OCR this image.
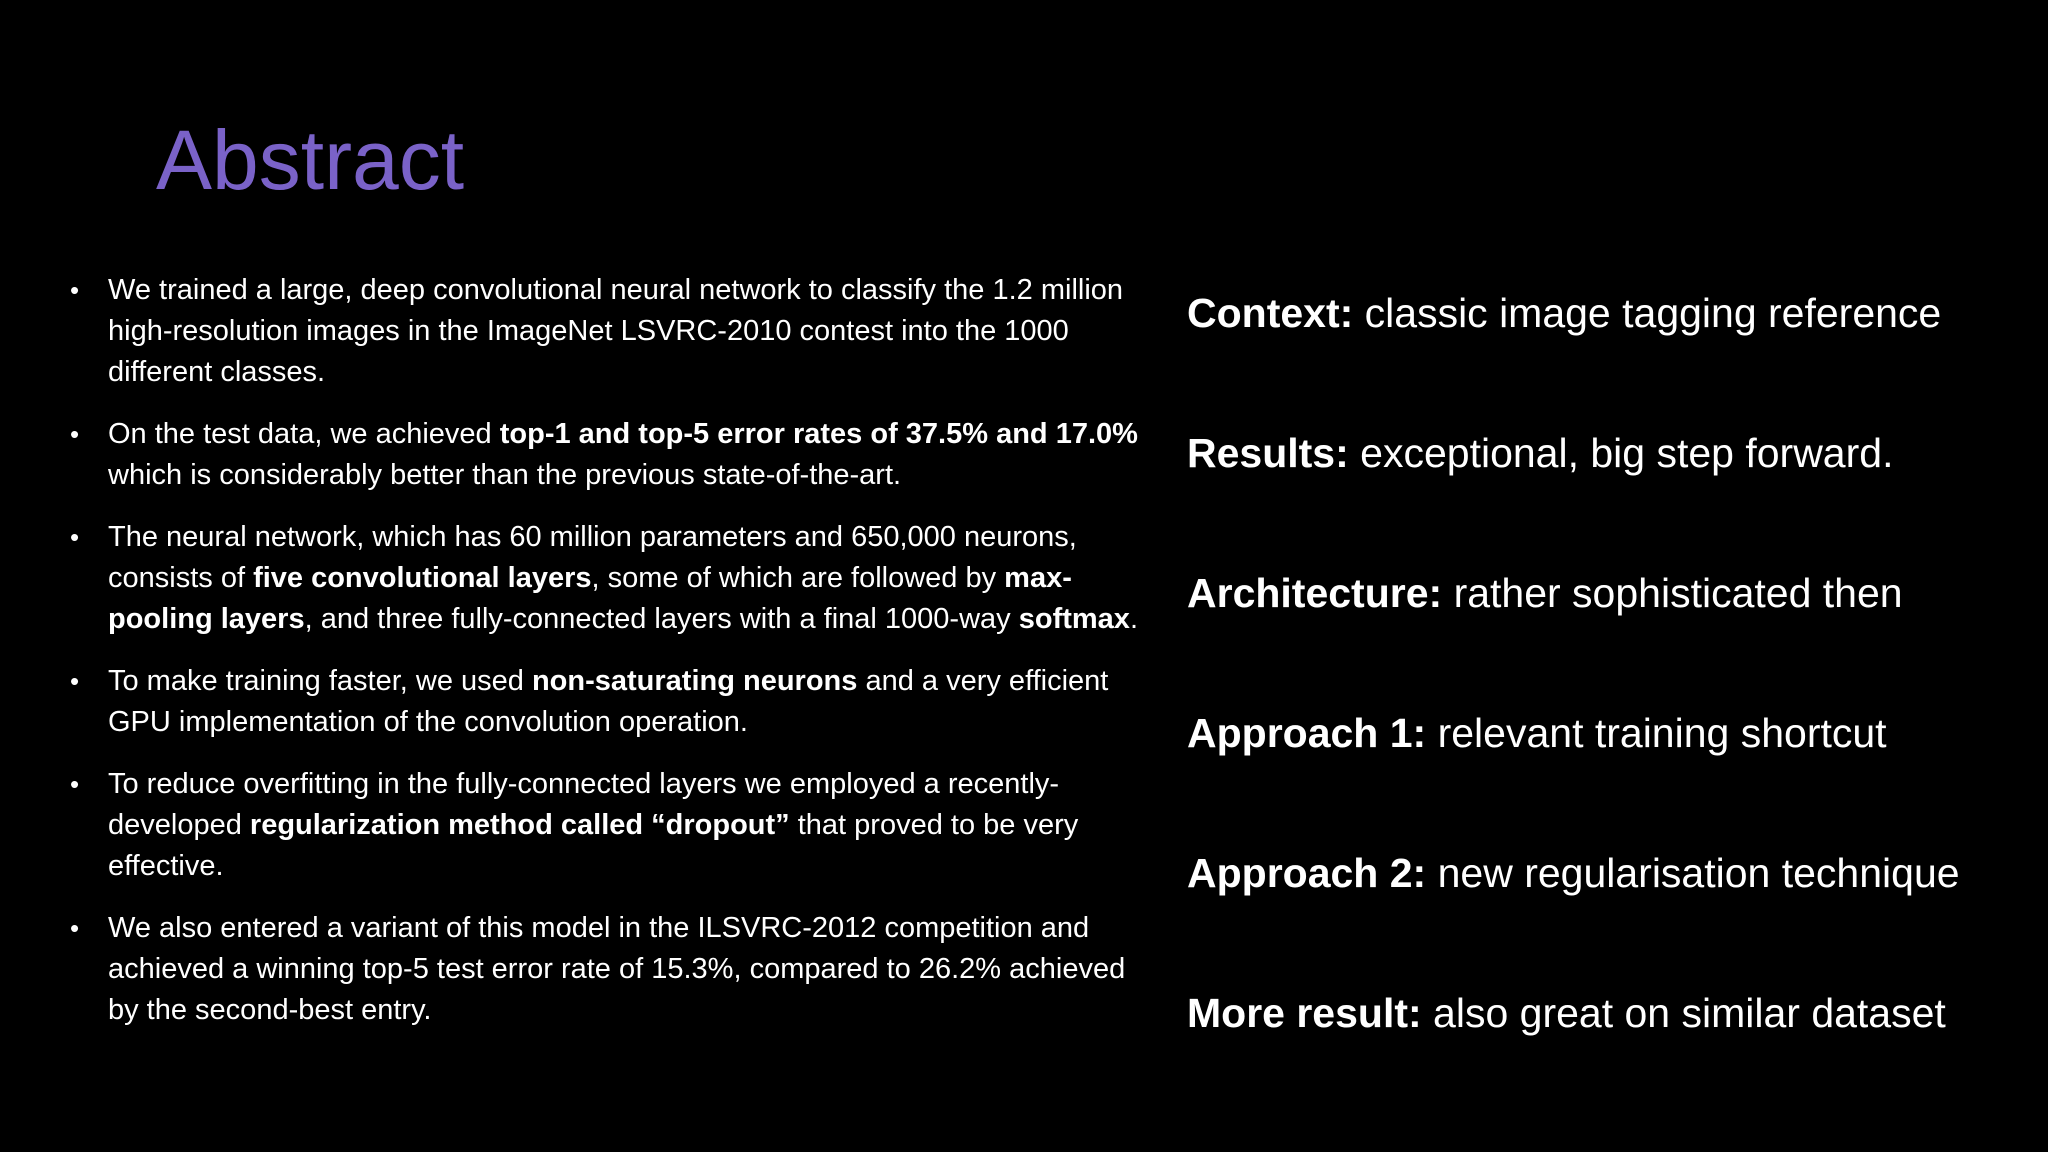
Abstract
• We trained a large, deep convolutional neural network to classify the 1.2 million high-resolution images in the ImageNet LSVRC-2010 contest into the 1000 different classes.
• On the test data, we achieved top-1 and top-5 error rates of 37.5% and 17.0% which is considerably better than the previous state-of-the-art.
• The neural network, which has 60 million parameters and 650,000 neurons, consists of five convolutional layers, some of which are followed by max-pooling layers, and three fully-connected layers with a final 1000-way softmax.
• To make training faster, we used non-saturating neurons and a very efficient GPU implementation of the convolution operation.
• To reduce overfitting in the fully-connected layers we employed a recently-developed regularization method called “dropout” that proved to be very effective.
• We also entered a variant of this model in the ILSVRC-2012 competition and achieved a winning top-5 test error rate of 15.3%, compared to 26.2% achieved by the second-best entry.
Context: classic image tagging reference
Results: exceptional, big step forward.
Architecture: rather sophisticated then
Approach 1: relevant training shortcut
Approach 2: new regularisation technique
More result: also great on similar dataset
